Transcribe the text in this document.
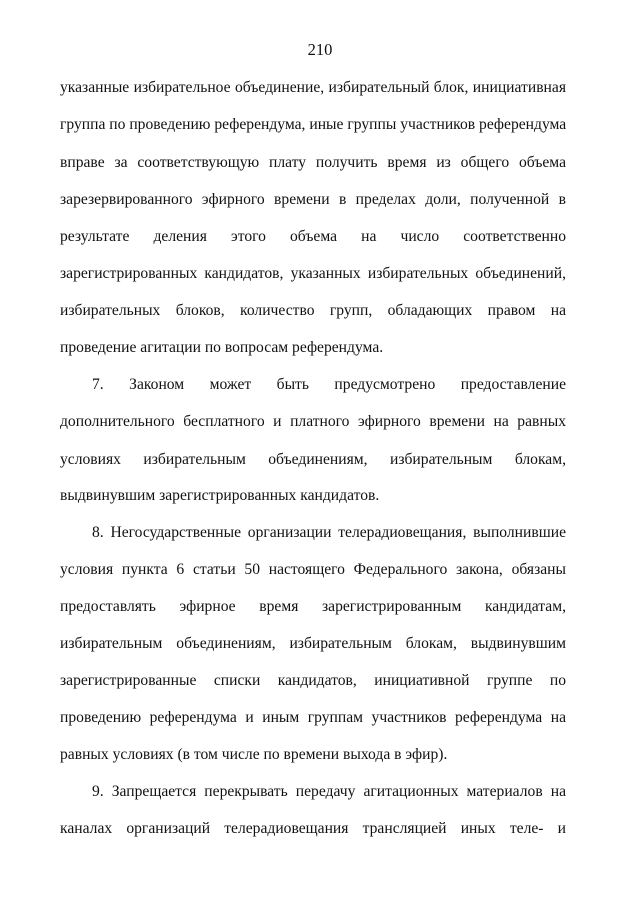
210
указанные избирательное объединение, избирательный блок, инициативная
группа по проведению референдума, иные группы участников референдума
вправе за соответствующую плату получить время из общего объема
зарезервированного эфирного времени в пределах доли, полученной в
результате деления этого объема на число соответственно
зарегистрированных кандидатов, указанных избирательных объединений,
избирательных блоков, количество групп, обладающих правом на
проведение агитации по вопросам референдума.
7. Законом может быть предусмотрено предоставление
дополнительного бесплатного и платного эфирного времени на равных
условиях избирательным объединениям, избирательным блокам,
выдвинувшим зарегистрированных кандидатов.
8. Негосударственные организации телерадиовещания, выполнившие
условия пункта 6 статьи 50 настоящего Федерального закона, обязаны
предоставлять эфирное время зарегистрированным кандидатам,
избирательным объединениям, избирательным блокам, выдвинувшим
зарегистрированные списки кандидатов, инициативной группе по
проведению референдума и иным группам участников референдума на
равных условиях (в том числе по времени выхода в эфир).
9. Запрещается перекрывать передачу агитационных материалов на
каналах организаций телерадиовещания трансляцией иных теле- и
